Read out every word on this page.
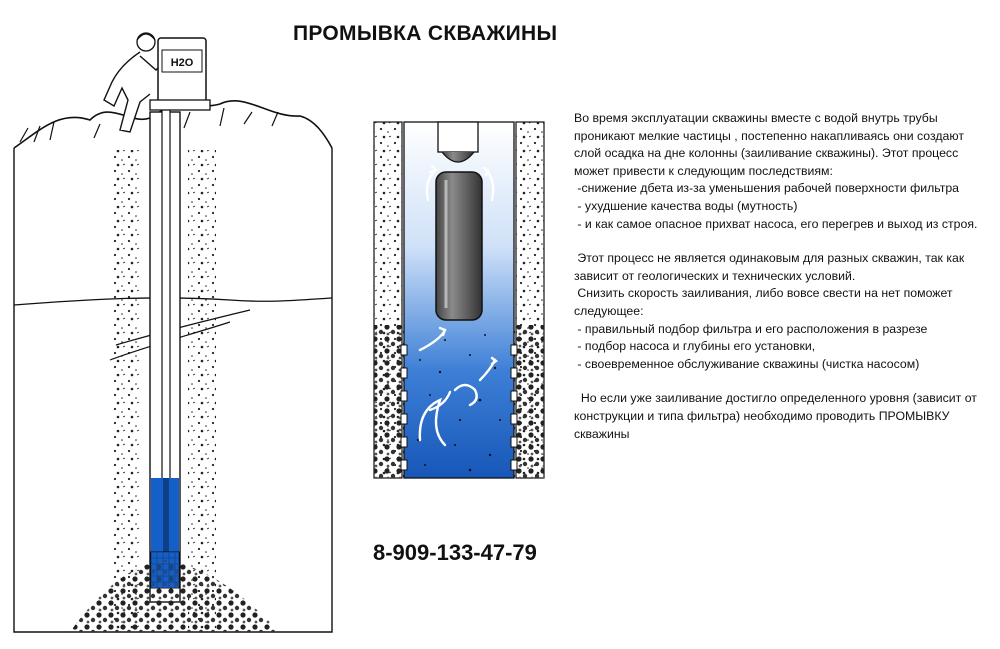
H2O
ПРОМЫВКА СКВАЖИНЫ

Во время эксплуатации скважины вместе с водой внутрь трубы проникают мелкие частицы , постепенно накапливаясь они создают слой осадка на дне колонны (заиливание скважины). Этот процесс может привести к следующим последствиям:

-снижение дбета из-за уменьшения рабочей поверхности фильтра

- ухудшение качества воды (мутность)

- и как самое опасное прихват насоса, его перегрев и выход из строя.

Этот процесс не является одинаковым для разных скважин, так как зависит от геологических и технических условий.

Снизить скорость заиливания, либо вовсе свести на нет поможет следующее:

- правильный подбор фильтра и его расположения в разрезе

- подбор насоса и глубины его установки,

- своевременное обслуживание скважины (чистка насосом)

Но если уже заиливание достигло определенного уровня (зависит от конструкции и типа фильтра) необходимо проводить ПРОМЫВКУ скважины

8-909-133-47-79
